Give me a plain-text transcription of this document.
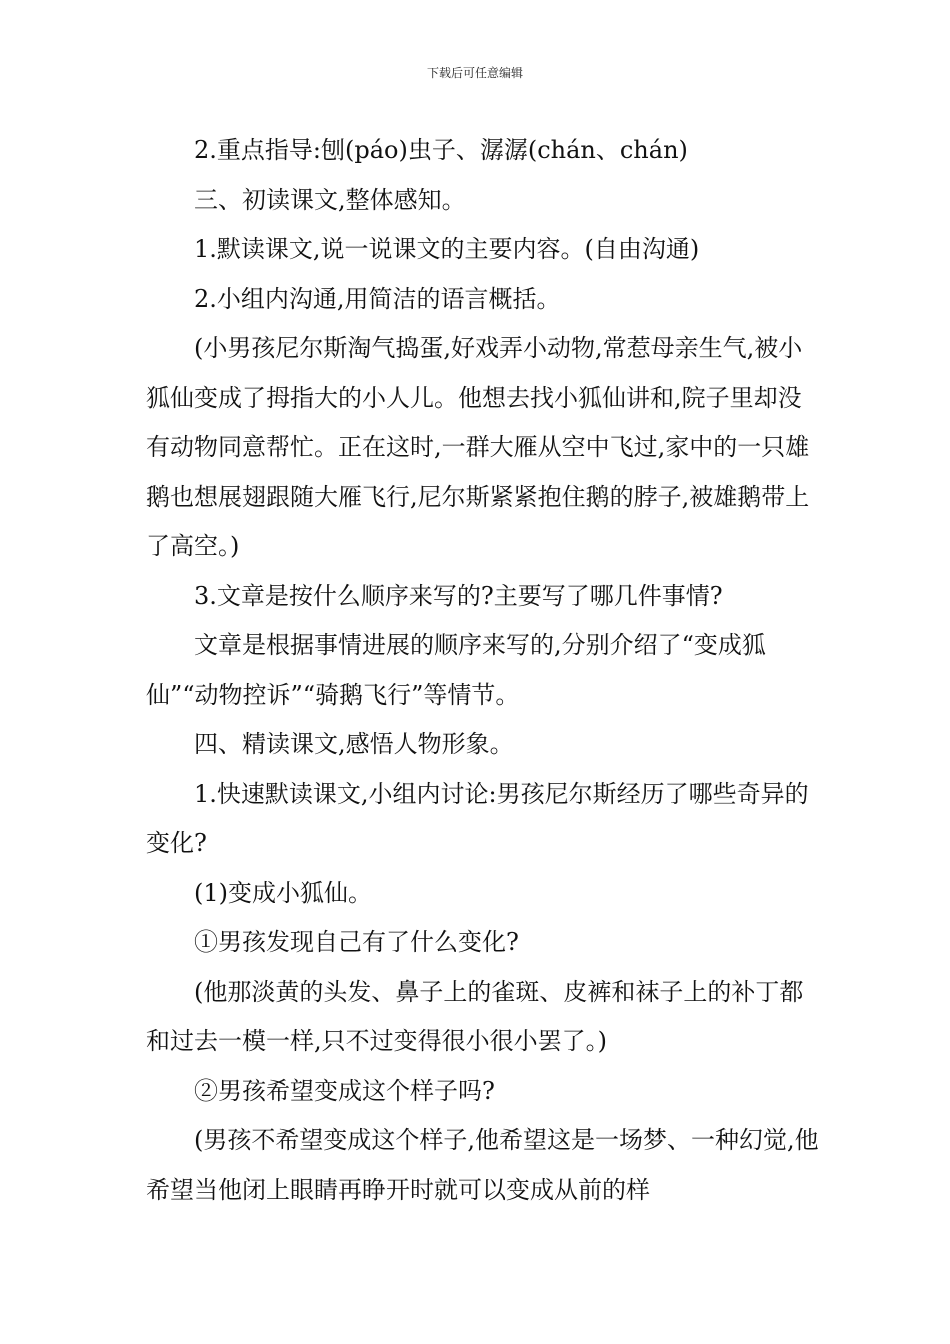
下载后可任意编辑

2.重点指导:刨(páo)虫子、潺潺(chán、chán)

三、初读课文,整体感知。

1.默读课文,说一说课文的主要内容。(自由沟通)

2.小组内沟通,用简洁的语言概括。

(小男孩尼尔斯淘气捣蛋,好戏弄小动物,常惹母亲生气,被小狐仙变成了拇指大的小人儿。他想去找小狐仙讲和,院子里却没有动物同意帮忙。正在这时,一群大雁从空中飞过,家中的一只雄鹅也想展翅跟随大雁飞行,尼尔斯紧紧抱住鹅的脖子,被雄鹅带上了高空。)

3.文章是按什么顺序来写的?主要写了哪几件事情?

文章是根据事情进展的顺序来写的,分别介绍了“变成狐仙”“动物控诉”“骑鹅飞行”等情节。

四、精读课文,感悟人物形象。

1.快速默读课文,小组内讨论:男孩尼尔斯经历了哪些奇异的变化?

(1)变成小狐仙。

①男孩发现自己有了什么变化?

(他那淡黄的头发、鼻子上的雀斑、皮裤和袜子上的补丁都和过去一模一样,只不过变得很小很小罢了。)

②男孩希望变成这个样子吗?

(男孩不希望变成这个样子,他希望这是一场梦、一种幻觉,他希望当他闭上眼睛再睁开时就可以变成从前的样
